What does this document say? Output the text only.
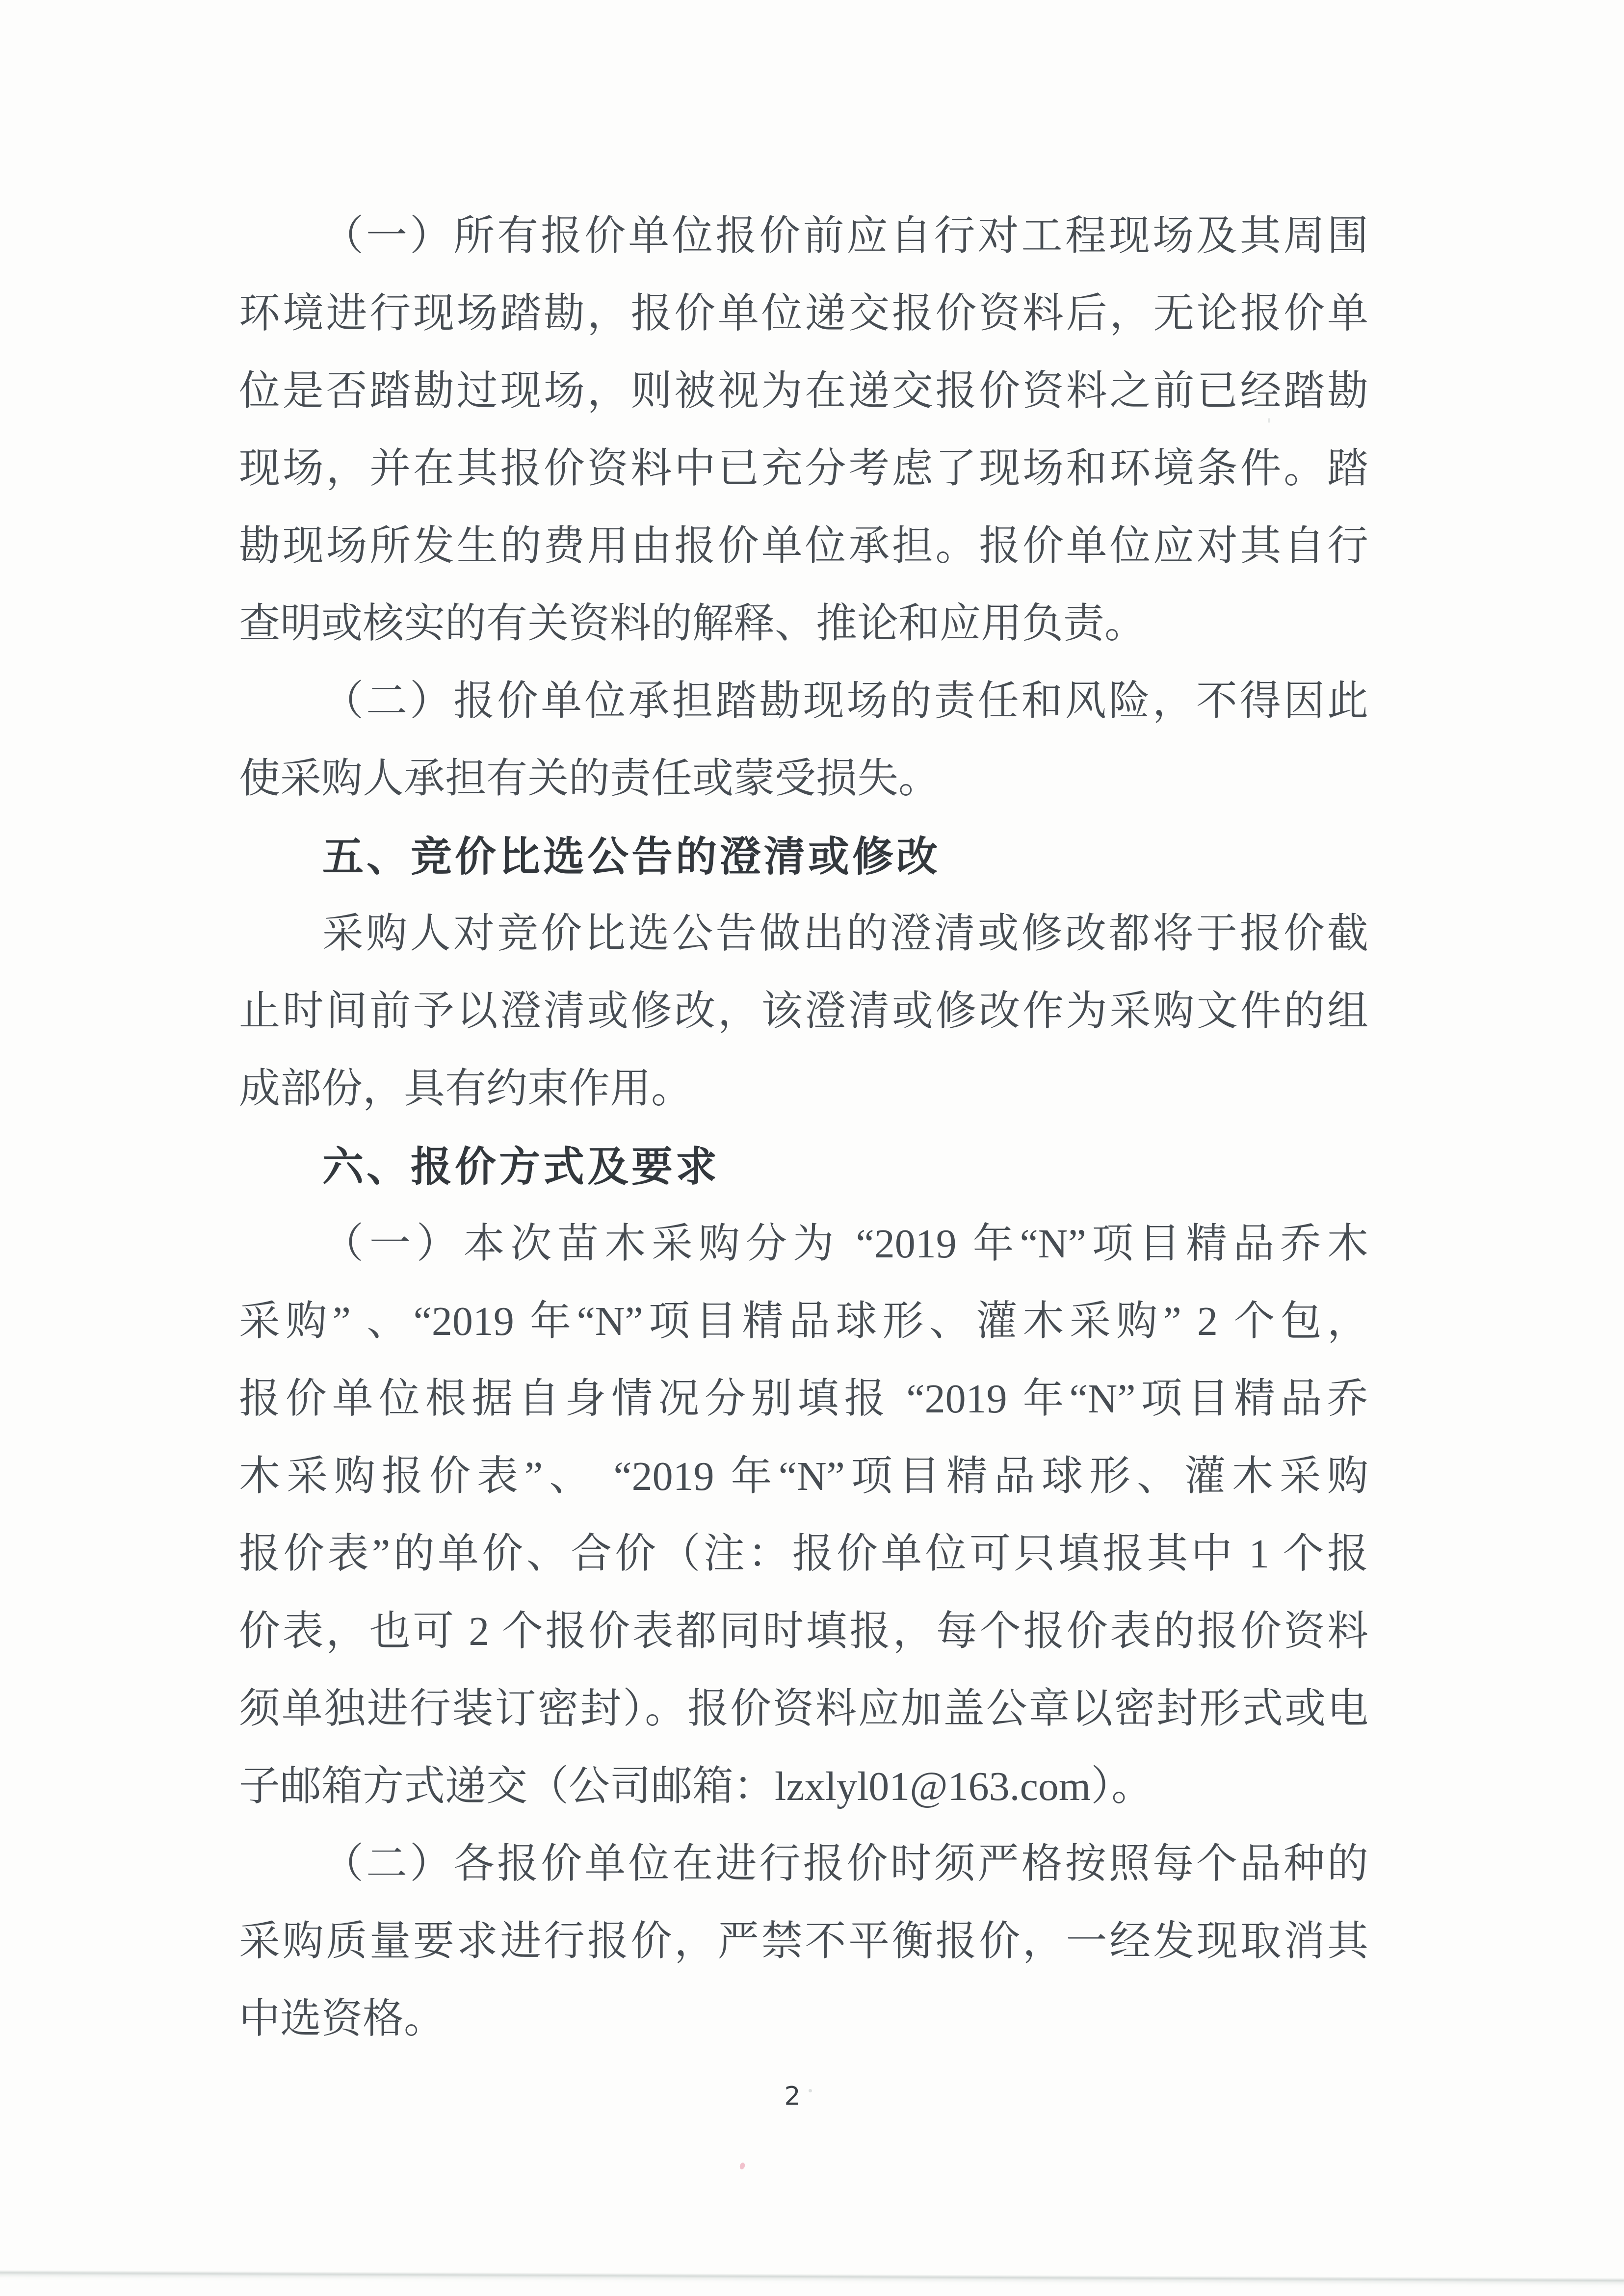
（一）所有报价单位报价前应自行对工程现场及其周围
环境进行现场踏勘，报价单位递交报价资料后，无论报价单
位是否踏勘过现场，则被视为在递交报价资料之前已经踏勘
现场，并在其报价资料中已充分考虑了现场和环境条件。踏
勘现场所发生的费用由报价单位承担。报价单位应对其自行
查明或核实的有关资料的解释、推论和应用负责。
（二）报价单位承担踏勘现场的责任和风险，不得因此
使采购人承担有关的责任或蒙受损失。
五、竞价比选公告的澄清或修改
采购人对竞价比选公告做出的澄清或修改都将于报价截
止时间前予以澄清或修改，该澄清或修改作为采购文件的组
成部份，具有约束作用。
六、报价方式及要求
（一）本次苗木采购分为 “2019 年“N”项目精品乔木
采购” 、“2019 年“N”项目精品球形、灌木采购” 2 个包，
报价单位根据自身情况分别填报 “2019 年“N”项目精品乔
木采购报价表”、 “2019 年“N”项目精品球形、灌木采购
报价表”的单价、合价（注：报价单位可只填报其中 1 个报
价表，也可 2 个报价表都同时填报，每个报价表的报价资料
须单独进行装订密封）。报价资料应加盖公章以密封形式或电
子邮箱方式递交（公司邮箱：lzxlyl01@163.com）。
（二）各报价单位在进行报价时须严格按照每个品种的
采购质量要求进行报价，严禁不平衡报价，一经发现取消其
中选资格。
2
